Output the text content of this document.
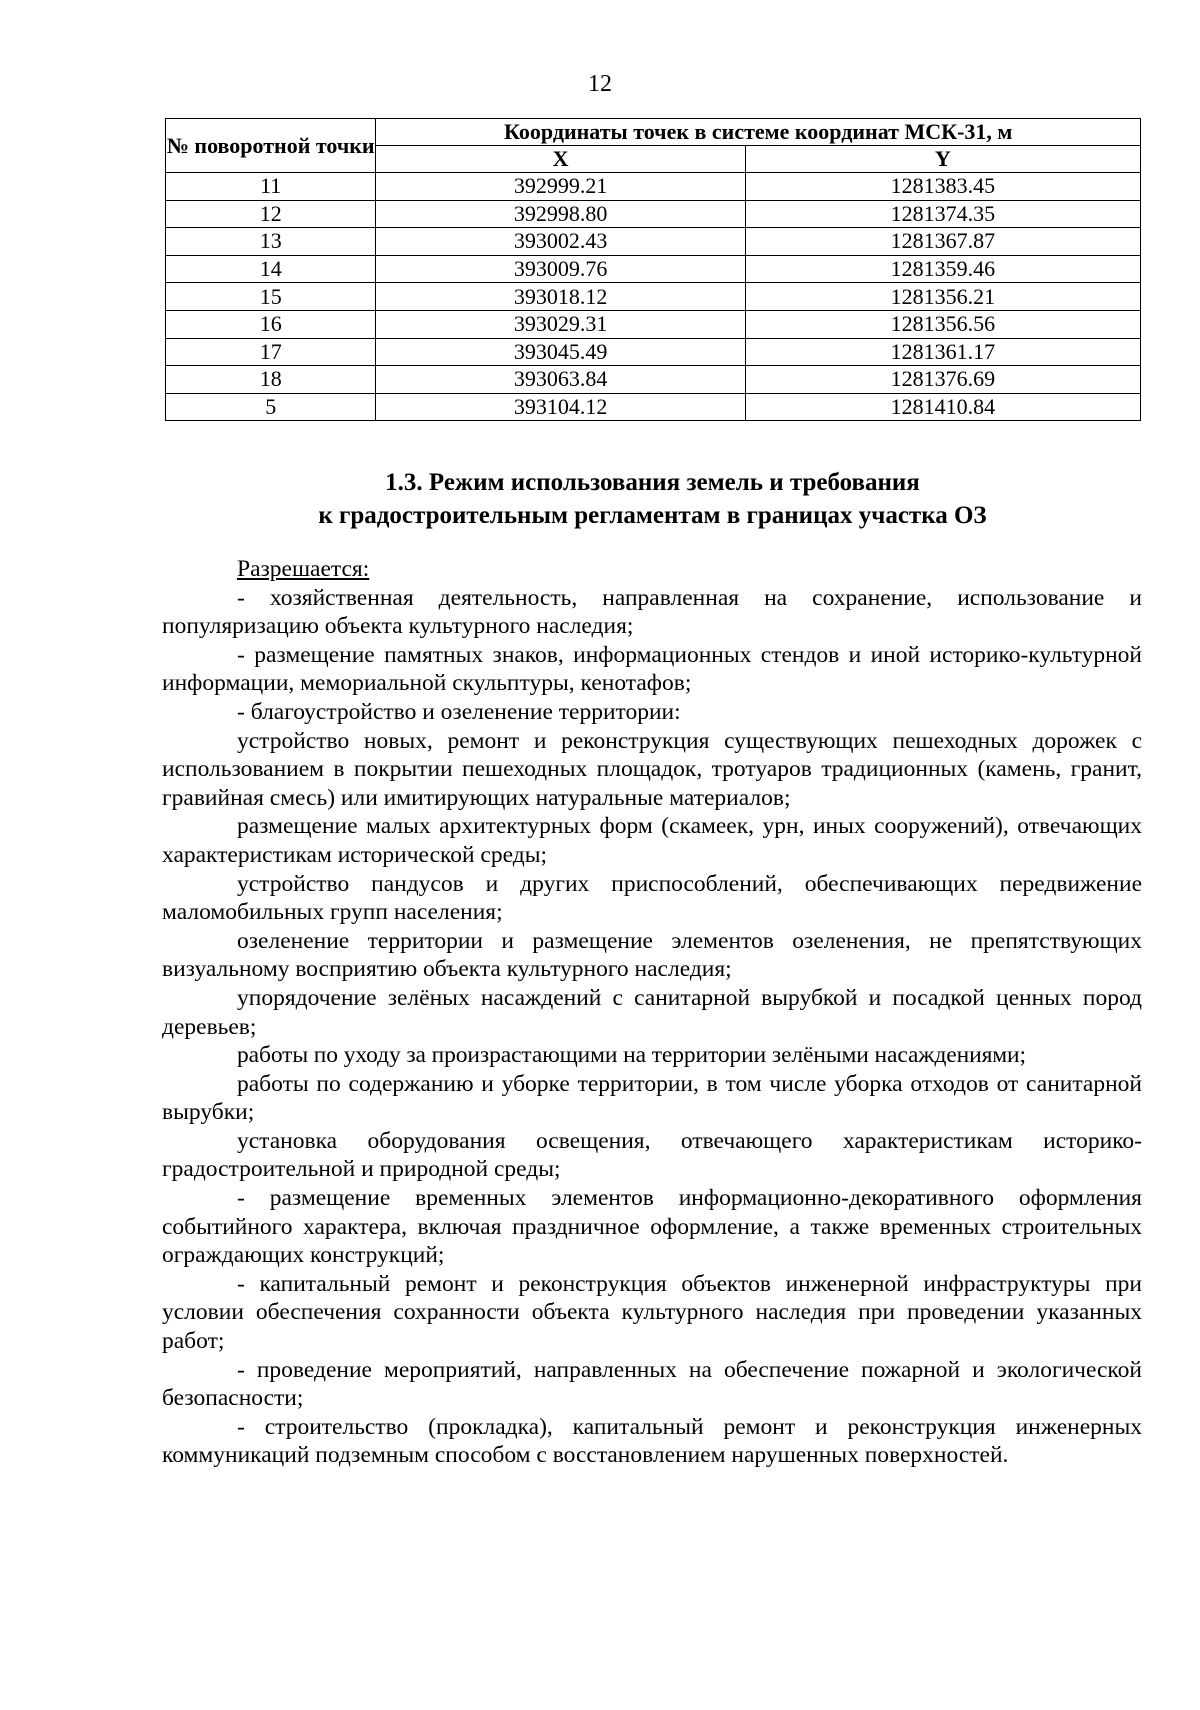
12
№ поворотной точки	Координаты точек в системе координат МСК-31, м	
	X	Y
11	392999.21	1281383.45
12	392998.80	1281374.35
13	393002.43	1281367.87
14	393009.76	1281359.46
15	393018.12	1281356.21
16	393029.31	1281356.56
17	393045.49	1281361.17
18	393063.84	1281376.69
5	393104.12	1281410.84
1.3. Режим использования земель и требования
к градостроительным регламентам в границах участка ОЗ

Разрешается:

- хозяйственная деятельность, направленная на сохранение, использование и популяризацию объекта культурного наследия;

- размещение памятных знаков, информационных стендов и иной историко-культурной информации, мемориальной скульптуры, кенотафов;

- благоустройство и озеленение территории:

устройство новых, ремонт и реконструкция существующих пешеходных дорожек с использованием в покрытии пешеходных площадок, тротуаров традиционных (камень, гранит, гравийная смесь) или имитирующих натуральные материалов;

размещение малых архитектурных форм (скамеек, урн, иных сооружений), отвечающих характеристикам исторической среды;

устройство пандусов и других приспособлений, обеспечивающих передвижение маломобильных групп населения;

озеленение территории и размещение элементов озеленения, не препятствующих визуальному восприятию объекта культурного наследия;

упорядочение зелёных насаждений с санитарной вырубкой и посадкой ценных пород деревьев;

работы по уходу за произрастающими на территории зелёными насаждениями;

работы по содержанию и уборке территории, в том числе уборка отходов от санитарной вырубки;

установка оборудования освещения, отвечающего характеристикам историко-градостроительной и природной среды;

- размещение временных элементов информационно-декоративного оформления событийного характера, включая праздничное оформление, а также временных строительных ограждающих конструкций;

- капитальный ремонт и реконструкция объектов инженерной инфраструктуры при условии обеспечения сохранности объекта культурного наследия при проведении указанных работ;

- проведение мероприятий, направленных на обеспечение пожарной и экологической безопасности;

- строительство (прокладка), капитальный ремонт и реконструкция инженерных коммуникаций подземным способом с восстановлением нарушенных поверхностей.
